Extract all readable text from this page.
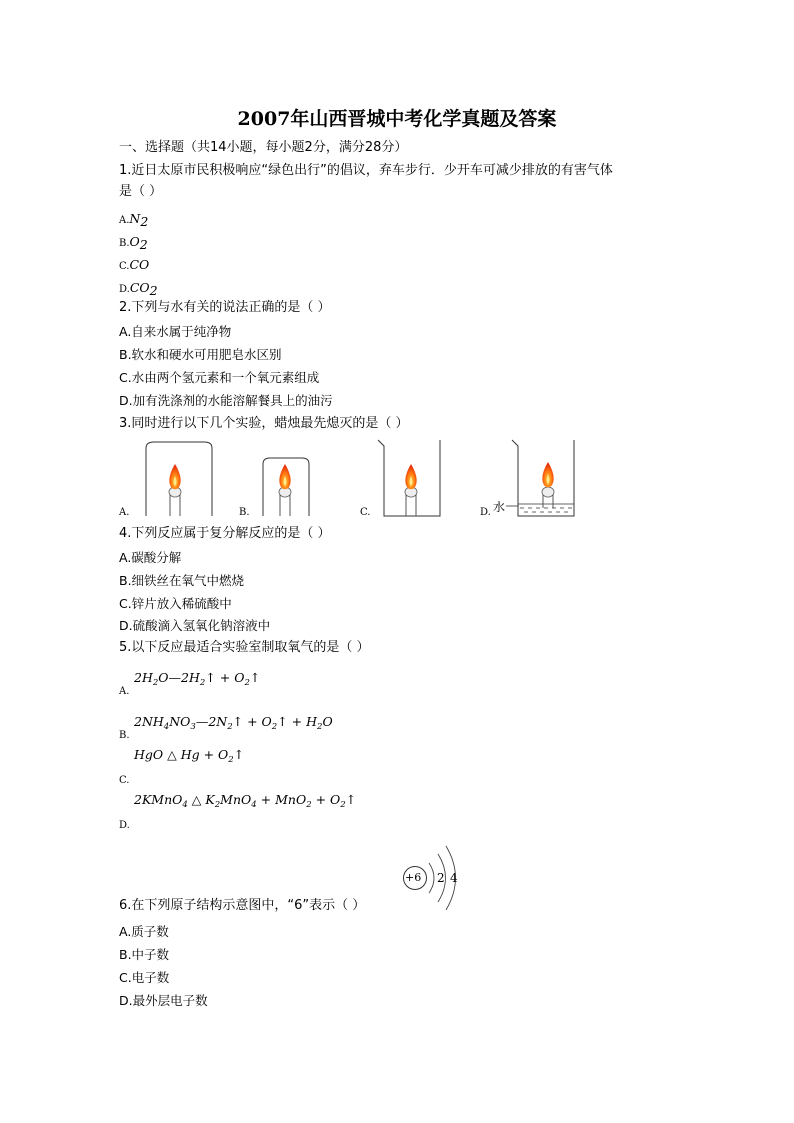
2007年山西晋城中考化学真题及答案
一、选择题（共14小题，每小题2分，满分28分）
1.近日太原市民积极响应“绿色出行”的倡议，弃车步行．少开车可减少排放的有害气体
是（ ）
$A.N_2$
$B.O_2$
C.CO
$D.CO_2$
2.下列与水有关的说法正确的是（ ）
A.自来水属于纯净物
B.软水和硬水可用肥皂水区别
C.水由两个氢元素和一个氧元素组成
D.加有洗涤剂的水能溶解餐具上的油污
3.同时进行以下几个实验，蜡烛最先熄灭的是（ ）
A.	B.	C.	D. 水
4.下列反应属于复分解反应的是（ ）
A.碳酸分解
B.细铁丝在氧气中燃烧
C.锌片放入稀硫酸中
D.硫酸滴入氢氧化钠溶液中
5.以下反应最适合实验室制取氧气的是（ ）
$2H_2O—2H_2↑$ + $O_2↑$
A.
$2NH_4NO_3—2N_2↑$ + $O_2↑ + H_2O$
B.
HgO △ $Hg + O_2↑$
C.
2KMnO$_4$ △ $K_2MnO_4 + MnO_2$ + $O_2↑$
D.
+6 2 4
6.在下列原子结构示意图中，“6”表示（ ）
A.质子数
B.中子数
C.电子数
D.最外层电子数
